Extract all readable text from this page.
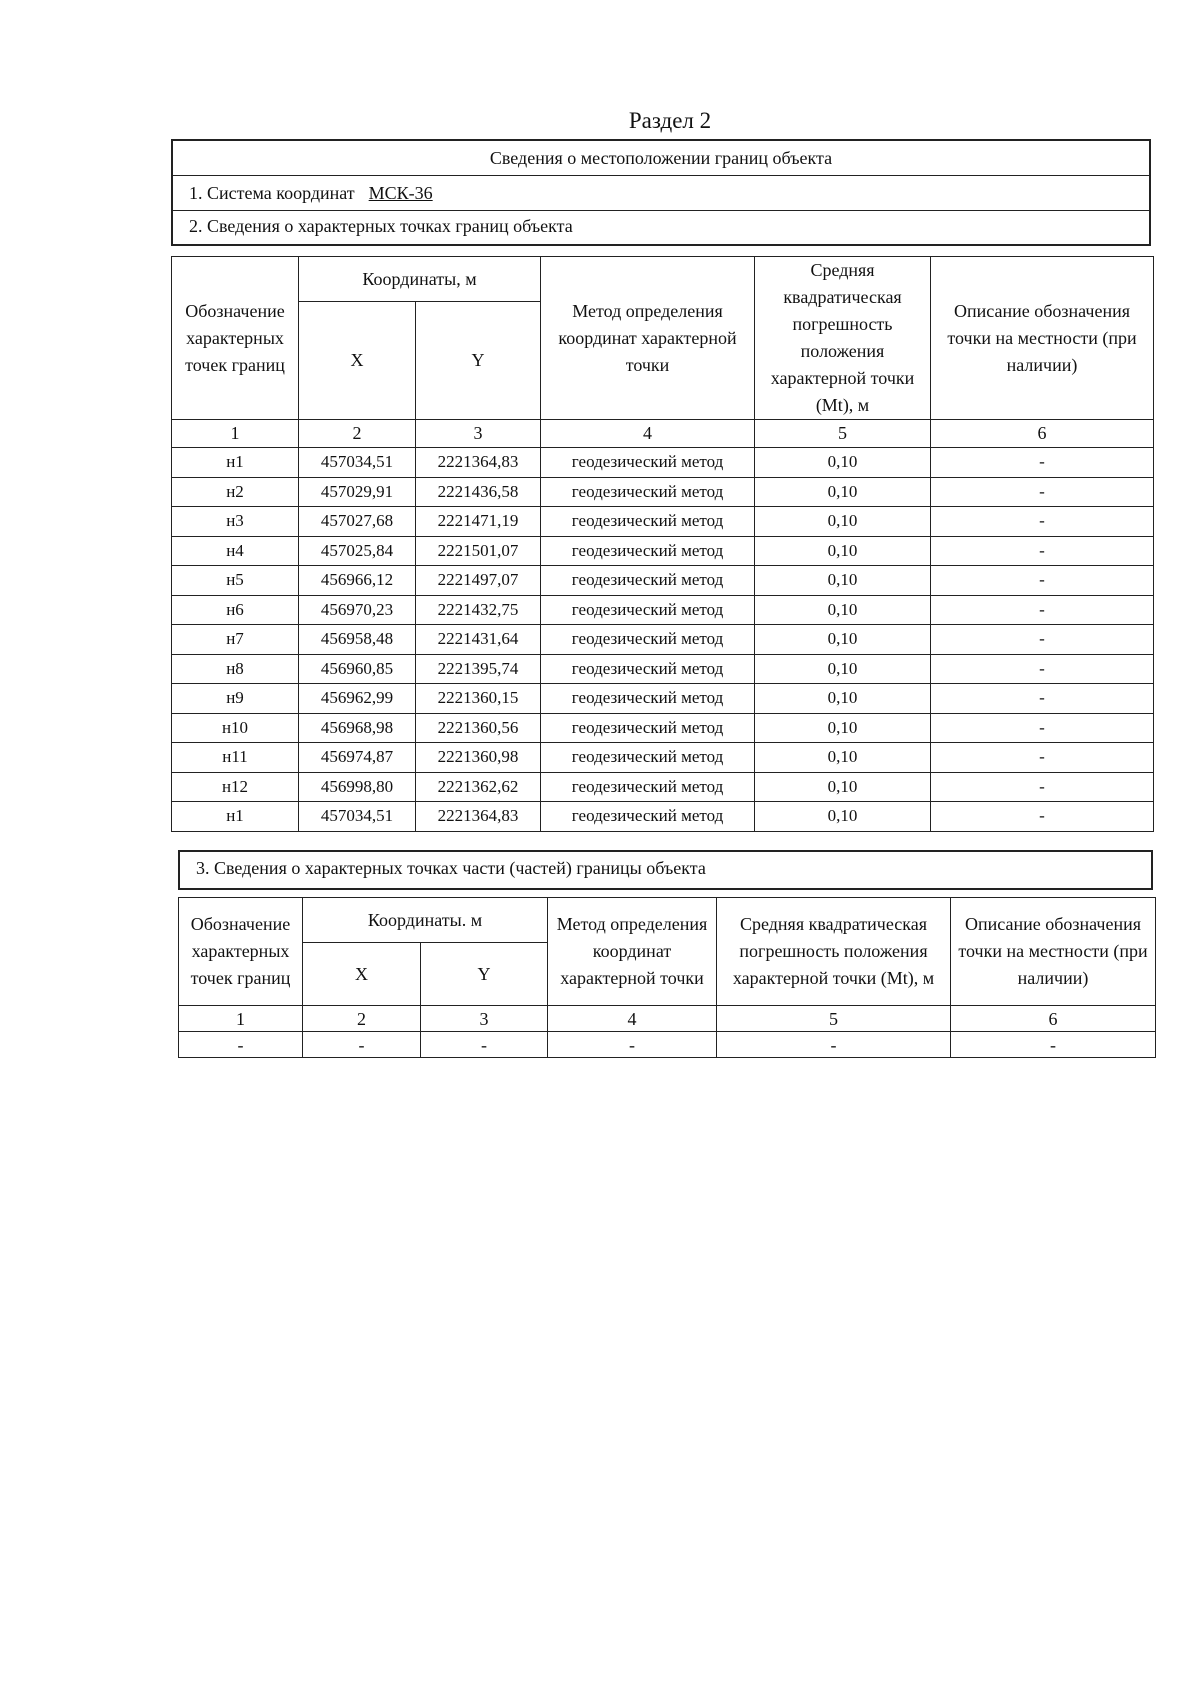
Раздел 2
Сведения о местоположении границ объекта
1. Система координат МСК-36
2. Сведения о характерных точках границ объекта
Обозначение характерных точек границ	Координаты, м		Метод определения координат характерной точки	Средняя квадратическая погрешность положения характерной точки (Mt), м	Описание обозначения точки на местности (при наличии)
	X	Y			
1	2	3	4	5	6
н1	457034,51	2221364,83	геодезический метод	0,10	-
н2	457029,91	2221436,58	геодезический метод	0,10	-
н3	457027,68	2221471,19	геодезический метод	0,10	-
н4	457025,84	2221501,07	геодезический метод	0,10	-
н5	456966,12	2221497,07	геодезический метод	0,10	-
н6	456970,23	2221432,75	геодезический метод	0,10	-
н7	456958,48	2221431,64	геодезический метод	0,10	-
н8	456960,85	2221395,74	геодезический метод	0,10	-
н9	456962,99	2221360,15	геодезический метод	0,10	-
н10	456968,98	2221360,56	геодезический метод	0,10	-
н11	456974,87	2221360,98	геодезический метод	0,10	-
н12	456998,80	2221362,62	геодезический метод	0,10	-
н1	457034,51	2221364,83	геодезический метод	0,10	-
3. Сведения о характерных точках части (частей) границы объекта
Обозначение характерных точек границ	Координаты. м		Метод определения координат характерной точки	Средняя квадратическая погрешность положения характерной точки (Mt), м	Описание обозначения точки на местности (при наличии)
	X	Y			
1	2	3	4	5	6
-	-	-	-	-	-
